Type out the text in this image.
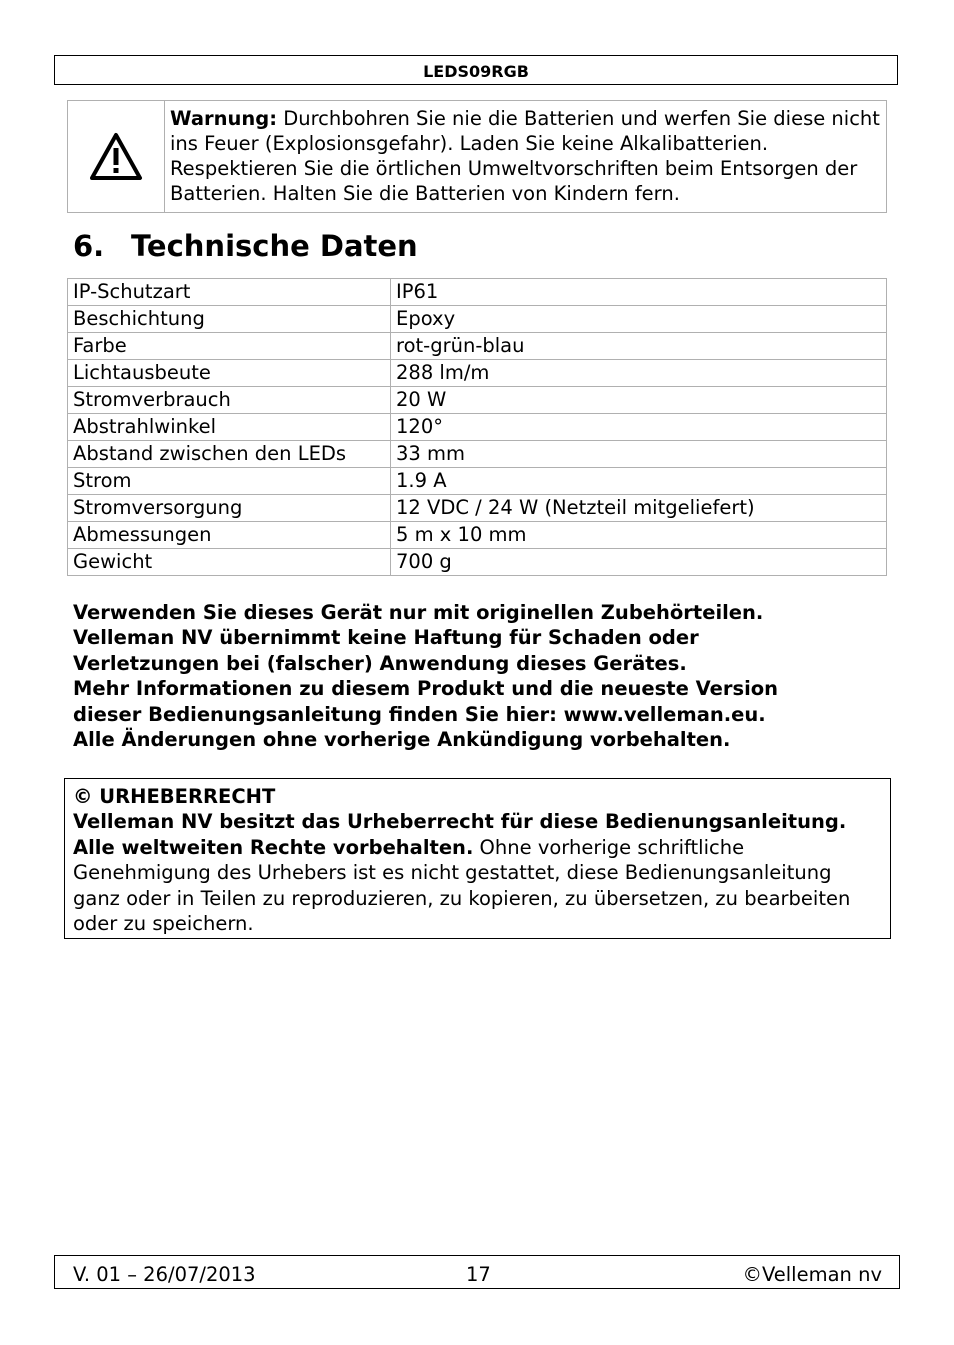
LEDS09RGB
Warnung: Durchbohren Sie nie die Batterien und werfen Sie diese nicht ins Feuer (Explosionsgefahr). Laden Sie keine Alkalibatterien. Respektieren Sie die örtlichen Umweltvorschriften beim Entsorgen der Batterien. Halten Sie die Batterien von Kindern fern.
6. Technische Daten
IP-Schutzart	IP61
Beschichtung	Epoxy
Farbe	rot-grün-blau
Lichtausbeute	288 lm/m
Stromverbrauch	20 W
Abstrahlwinkel	120°
Abstand zwischen den LEDs	33 mm
Strom	1.9 A
Stromversorgung	12 VDC / 24 W (Netzteil mitgeliefert)
Abmessungen	5 m x 10 mm
Gewicht	700 g
Verwenden Sie dieses Gerät nur mit originellen Zubehörteilen.
Velleman NV übernimmt keine Haftung für Schaden oder
Verletzungen bei (falscher) Anwendung dieses Gerätes.
Mehr Informationen zu diesem Produkt und die neueste Version
dieser Bedienungsanleitung finden Sie hier: www.velleman.eu.
Alle Änderungen ohne vorherige Ankündigung vorbehalten.
© URHEBERRECHT
Velleman NV besitzt das Urheberrecht für diese Bedienungsanleitung. Alle weltweiten Rechte vorbehalten. Ohne vorherige schriftliche Genehmigung des Urhebers ist es nicht gestattet, diese Bedienungsanleitung ganz oder in Teilen zu reproduzieren, zu kopieren, zu übersetzen, zu bearbeiten oder zu speichern.
V. 01 – 26/07/2013	17	©Velleman nv
